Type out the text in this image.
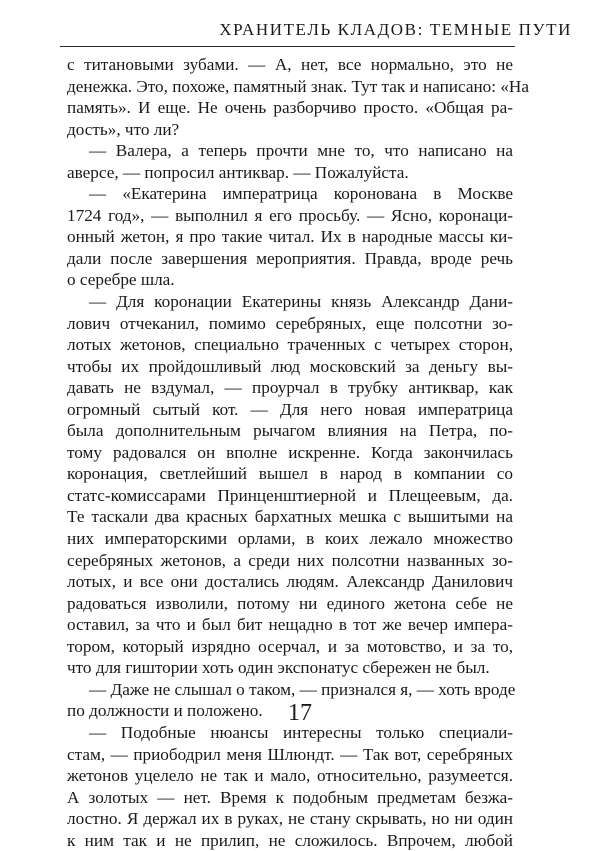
ХРАНИТЕЛЬ КЛАДОВ: ТЕМНЫЕ ПУТИ
с титановыми зубами. — А, нет, все нормально, это не
денежка. Это, похоже, памятный знак. Тут так и написано: «На
память». И еще. Не очень разборчиво просто. «Общая ра-
дость», что ли?
— Валера, а теперь прочти мне то, что написано на
аверсе, — попросил антиквар. — Пожалуйста.
— «Екатерина императрица коронована в Москве
1724 год», — выполнил я его просьбу. — Ясно, коронаци-
онный жетон, я про такие читал. Их в народные массы ки-
дали после завершения мероприятия. Правда, вроде речь
о серебре шла.
— Для коронации Екатерины князь Александр Дани-
лович отчеканил, помимо серебряных, еще полсотни зо-
лотых жетонов, специально траченных с четырех сторон,
чтобы их пройдошливый люд московский за деньгу вы-
давать не вздумал, — проурчал в трубку антиквар, как
огромный сытый кот. — Для него новая императрица
была дополнительным рычагом влияния на Петра, по-
тому радовался он вполне искренне. Когда закончилась
коронация, светлейший вышел в народ в компании со
статс-комиссарами Принценштиерной и Плещеевым, да.
Те таскали два красных бархатных мешка с вышитыми на
них императорскими орлами, в коих лежало множество
серебряных жетонов, а среди них полсотни названных зо-
лотых, и все они достались людям. Александр Данилович
радоваться изволили, потому ни единого жетона себе не
оставил, за что и был бит нещадно в тот же вечер импера-
тором, который изрядно осерчал, и за мотовство, и за то,
что для гиштории хоть один экспонатус сбережен не был.
— Даже не слышал о таком, — признался я, — хоть вроде
по должности и положено.
— Подобные нюансы интересны только специали-
стам, — приободрил меня Шлюндт. — Так вот, серебряных
жетонов уцелело не так и мало, относительно, разумеется.
А золотых — нет. Время к подобным предметам безжа-
лостно. Я держал их в руках, не стану скрывать, но ни один
к ним так и не прилип, не сложилось. Впрочем, любой
17
